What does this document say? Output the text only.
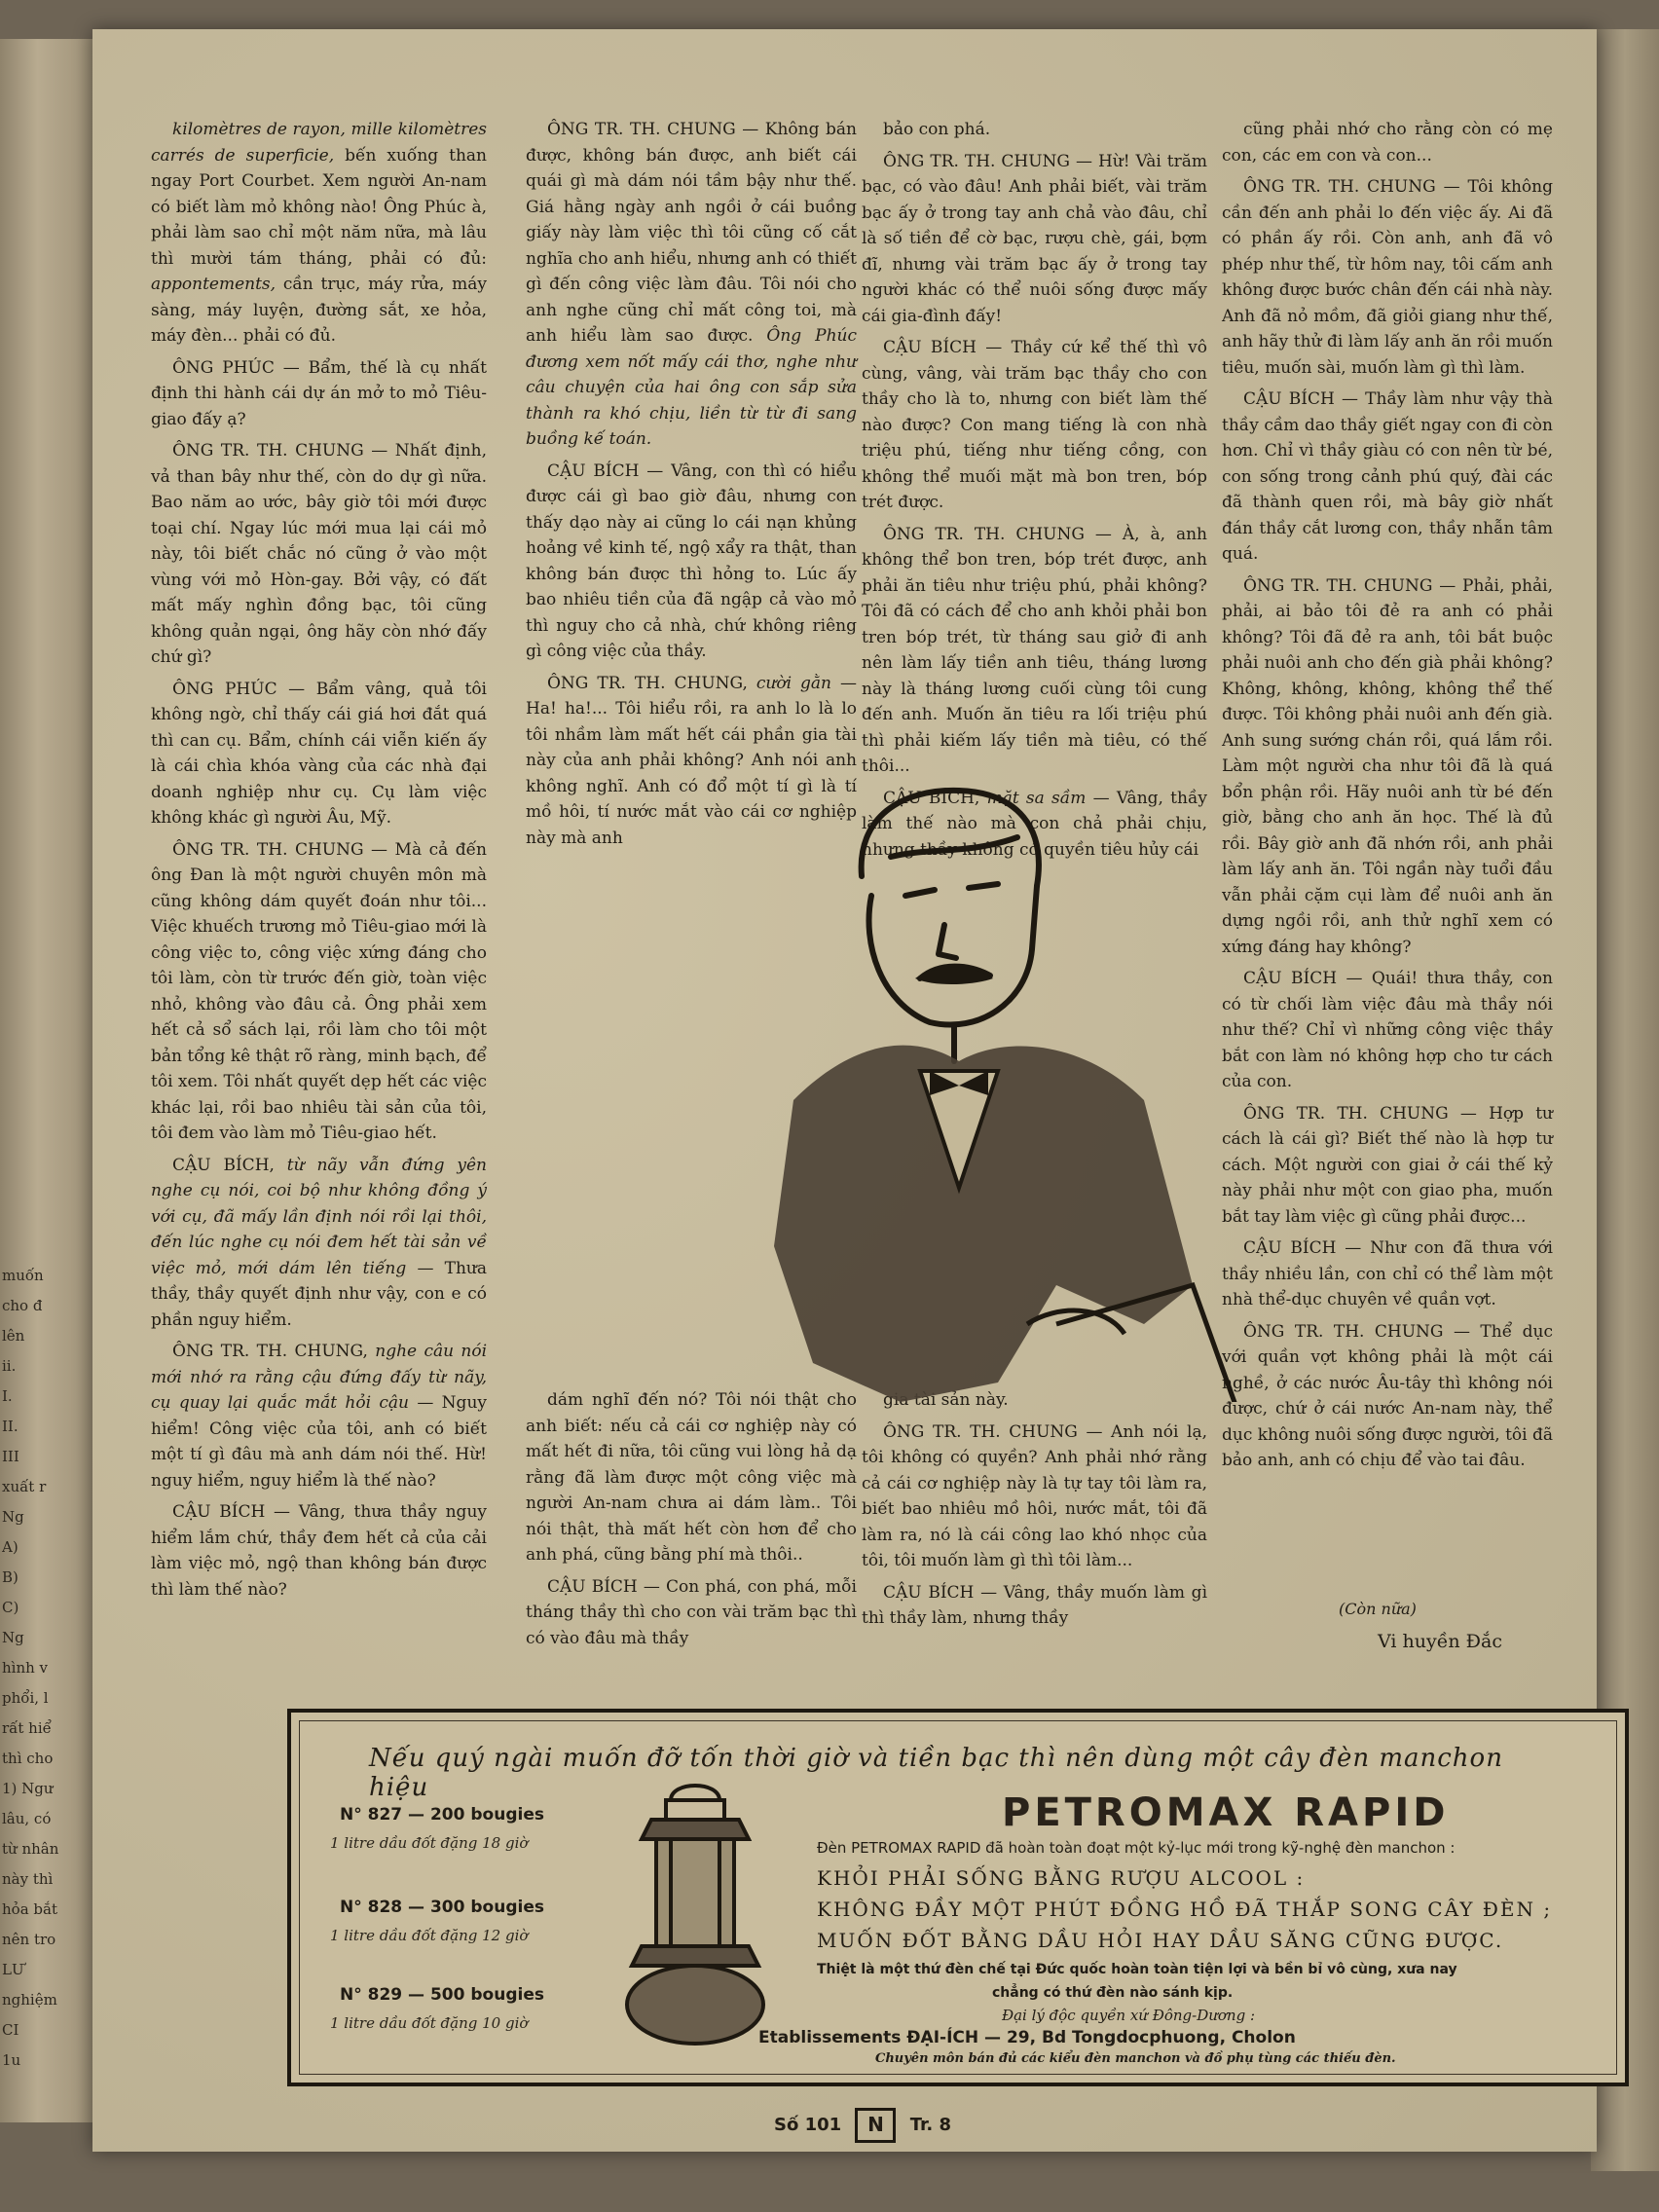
muốn
cho đ
lên
ii.
I.
II.
III
xuất r
Ng
A)
B)
C)
Ng
hình v
phổi, l
rất hiể
thì cho
1) Ngư
lâu, có
từ nhân
này thì
hỏa bắt
nên tro
LƯ
nghiệm
CI
1u

kilomètres de rayon, mille kilomètres carrés de superficie, bến xuống than ngay Port Courbet. Xem người An-nam có biết làm mỏ không nào! Ông Phúc à, phải làm sao chỉ một năm nữa, mà lâu thì mười tám tháng, phải có đủ: appontements, cần trục, máy rửa, máy sàng, máy luyện, đường sắt, xe hỏa, máy đèn... phải có đủ.

ÔNG PHÚC — Bẩm, thế là cụ nhất định thi hành cái dự án mở to mỏ Tiêu-giao đấy ạ?

ÔNG TR. TH. CHUNG — Nhất định, vả than bây như thế, còn do dự gì nữa. Bao năm ao ước, bây giờ tôi mới được toại chí. Ngay lúc mới mua lại cái mỏ này, tôi biết chắc nó cũng ở vào một vùng với mỏ Hòn-gay. Bởi vậy, có đất mất mấy nghìn đồng bạc, tôi cũng không quản ngại, ông hãy còn nhớ đấy chứ gì?

ÔNG PHÚC — Bẩm vâng, quả tôi không ngờ, chỉ thấy cái giá hơi đắt quá thì can cụ. Bẩm, chính cái viễn kiến ấy là cái chìa khóa vàng của các nhà đại doanh nghiệp như cụ. Cụ làm việc không khác gì người Âu, Mỹ.

ÔNG TR. TH. CHUNG — Mà cả đến ông Đan là một người chuyên môn mà cũng không dám quyết đoán như tôi... Việc khuếch trương mỏ Tiêu-giao mới là công việc to, công việc xứng đáng cho tôi làm, còn từ trước đến giờ, toàn việc nhỏ, không vào đâu cả. Ông phải xem hết cả sổ sách lại, rồi làm cho tôi một bản tổng kê thật rõ ràng, minh bạch, để tôi xem. Tôi nhất quyết dẹp hết các việc khác lại, rồi bao nhiêu tài sản của tôi, tôi đem vào làm mỏ Tiêu-giao hết.

CẬU BÍCH, từ nãy vẫn đứng yên nghe cụ nói, coi bộ như không đồng ý với cụ, đã mấy lần định nói rồi lại thôi, đến lúc nghe cụ nói đem hết tài sản về việc mỏ, mới dám lên tiếng — Thưa thầy, thầy quyết định như vậy, con e có phần nguy hiểm.

ÔNG TR. TH. CHUNG, nghe câu nói mới nhớ ra rằng cậu đứng đấy từ nãy, cụ quay lại quắc mắt hỏi cậu — Nguy hiểm! Công việc của tôi, anh có biết một tí gì đâu mà anh dám nói thế. Hừ! nguy hiểm, nguy hiểm là thế nào?

CẬU BÍCH — Vâng, thưa thầy nguy hiểm lắm chứ, thầy đem hết cả của cải làm việc mỏ, ngộ than không bán được thì làm thế nào?

ÔNG TR. TH. CHUNG — Không bán được, không bán được, anh biết cái quái gì mà dám nói tầm bậy như thế. Giá hằng ngày anh ngồi ở cái buồng giấy này làm việc thì tôi cũng cố cắt nghĩa cho anh hiểu, nhưng anh có thiết gì đến công việc làm đâu. Tôi nói cho anh nghe cũng chỉ mất công toi, mà anh hiểu làm sao được. Ông Phúc đương xem nốt mấy cái thơ, nghe như câu chuyện của hai ông con sắp sửa thành ra khó chịu, liền từ từ đi sang buồng kế toán.

CẬU BÍCH — Vâng, con thì có hiểu được cái gì bao giờ đâu, nhưng con thấy dạo này ai cũng lo cái nạn khủng hoảng về kinh tế, ngộ xẩy ra thật, than không bán được thì hỏng to. Lúc ấy bao nhiêu tiền của đã ngập cả vào mỏ thì nguy cho cả nhà, chứ không riêng gì công việc của thầy.

ÔNG TR. TH. CHUNG, cười gằn — Ha! ha!... Tôi hiểu rồi, ra anh lo là lo tôi nhầm làm mất hết cái phần gia tài này của anh phải không? Anh nói anh không nghĩ. Anh có đổ một tí gì là tí mồ hôi, tí nước mắt vào cái cơ nghiệp này mà anh

bảo con phá.

ÔNG TR. TH. CHUNG — Hừ! Vài trăm bạc, có vào đâu! Anh phải biết, vài trăm bạc ấy ở trong tay anh chả vào đâu, chỉ là số tiền để cờ bạc, rượu chè, gái, bợm đĩ, nhưng vài trăm bạc ấy ở trong tay người khác có thể nuôi sống được mấy cái gia-đình đấy!

CẬU BÍCH — Thầy cứ kể thế thì vô cùng, vâng, vài trăm bạc thầy cho con thầy cho là to, nhưng con biết làm thế nào được? Con mang tiếng là con nhà triệu phú, tiếng như tiếng cồng, con không thể muối mặt mà bon tren, bóp trét được.

ÔNG TR. TH. CHUNG — À, à, anh không thể bon tren, bóp trét được, anh phải ăn tiêu như triệu phú, phải không? Tôi đã có cách để cho anh khỏi phải bon tren bóp trét, từ tháng sau giở đi anh nên làm lấy tiền anh tiêu, tháng lương này là tháng lương cuối cùng tôi cung đến anh. Muốn ăn tiêu ra lối triệu phú thì phải kiếm lấy tiền mà tiêu, có thế thôi...

CẬU BÍCH, mặt sa sầm — Vâng, thầy làm thế nào mà con chả phải chịu, nhưng thầy không có quyền tiêu hủy cái

cũng phải nhớ cho rằng còn có mẹ con, các em con và con...

ÔNG TR. TH. CHUNG — Tôi không cần đến anh phải lo đến việc ấy. Ai đã có phần ấy rồi. Còn anh, anh đã vô phép như thế, từ hôm nay, tôi cấm anh không được bước chân đến cái nhà này. Anh đã nỏ mồm, đã giỏi giang như thế, anh hãy thử đi làm lấy anh ăn rồi muốn tiêu, muốn sài, muốn làm gì thì làm.

CẬU BÍCH — Thầy làm như vậy thà thầy cầm dao thầy giết ngay con đi còn hơn. Chỉ vì thầy giàu có con nên từ bé, con sống trong cảnh phú quý, đài các đã thành quen rồi, mà bây giờ nhất đán thầy cắt lương con, thầy nhẫn tâm quá.

ÔNG TR. TH. CHUNG — Phải, phải, phải, ai bảo tôi đẻ ra anh có phải không? Tôi đã đẻ ra anh, tôi bắt buộc phải nuôi anh cho đến già phải không? Không, không, không, không thể thế được. Tôi không phải nuôi anh đến già. Anh sung sướng chán rồi, quá lắm rồi. Làm một người cha như tôi đã là quá bổn phận rồi. Hãy nuôi anh từ bé đến giờ, bằng cho anh ăn học. Thế là đủ rồi. Bây giờ anh đã nhớn rồi, anh phải làm lấy anh ăn. Tôi ngần này tuổi đầu vẫn phải cặm cụi làm để nuôi anh ăn dựng ngồi rồi, anh thử nghĩ xem có xứng đáng hay không?

CẬU BÍCH — Quái! thưa thầy, con có từ chối làm việc đâu mà thầy nói như thế? Chỉ vì những công việc thầy bắt con làm nó không hợp cho tư cách của con.

ÔNG TR. TH. CHUNG — Hợp tư cách là cái gì? Biết thế nào là hợp tư cách. Một người con giai ở cái thế kỷ này phải như một con giao pha, muốn bắt tay làm việc gì cũng phải được...

CẬU BÍCH — Như con đã thưa với thầy nhiều lần, con chỉ có thể làm một nhà thể-dục chuyên về quần vợt.

ÔNG TR. TH. CHUNG — Thể dục với quần vợt không phải là một cái nghề, ở các nước Âu-tây thì không nói được, chứ ở cái nước An-nam này, thể dục không nuôi sống được người, tôi đã bảo anh, anh có chịu để vào tai đâu.

dám nghĩ đến nó? Tôi nói thật cho anh biết: nếu cả cái cơ nghiệp này có mất hết đi nữa, tôi cũng vui lòng hả dạ rằng đã làm được một công việc mà người An-nam chưa ai dám làm.. Tôi nói thật, thà mất hết còn hơn để cho anh phá, cũng bằng phí mà thôi..

CẬU BÍCH — Con phá, con phá, mỗi tháng thầy thì cho con vài trăm bạc thì có vào đâu mà thầy

gia tài sản này.

ÔNG TR. TH. CHUNG — Anh nói lạ, tôi không có quyền? Anh phải nhớ rằng cả cái cơ nghiệp này là tự tay tôi làm ra, biết bao nhiêu mồ hôi, nước mắt, tôi đã làm ra, nó là cái công lao khó nhọc của tôi, tôi muốn làm gì thì tôi làm...

CẬU BÍCH — Vâng, thầy muốn làm gì thì thầy làm, nhưng thầy	(Còn nữa)
Vi huyền Đắc
Nếu quý ngài muốn đỡ tốn thời giờ và tiền bạc thì nên dùng một cây đèn manchon hiệu
PETROMAX RAPID
N° 827 — 200 bougies
1 litre dầu đốt đặng 18 giờ
N° 828 — 300 bougies
1 litre dầu đốt đặng 12 giờ
N° 829 — 500 bougies
1 litre dầu đốt đặng 10 giờ
Đèn PETROMAX RAPID đã hoàn toàn đoạt một kỷ-lục mới trong kỹ-nghệ đèn manchon :
KHỎI PHẢI SỐNG BẰNG RƯỢU ALCOOL :
KHÔNG ĐẦY MỘT PHÚT ĐỒNG HỒ ĐÃ THẮP SONG CÂY ĐÈN ;
MUỐN ĐỐT BẰNG DẦU HỎI HAY DẦU SĂNG CŨNG ĐƯỢC.
Thiệt là một thứ đèn chế tại Đức quốc hoàn toàn tiện lợi và bền bỉ vô cùng, xưa nay
chẳng có thứ đèn nào sánh kịp.
Đại lý độc quyền xứ Đông-Dương :
Etablissements ĐẠI-ÍCH — 29, Bd Tongdocphuong, Cholon
Chuyên môn bán đủ các kiểu đèn manchon và đồ phụ tùng các thiếu đèn.
Số 101 N Tr. 8
